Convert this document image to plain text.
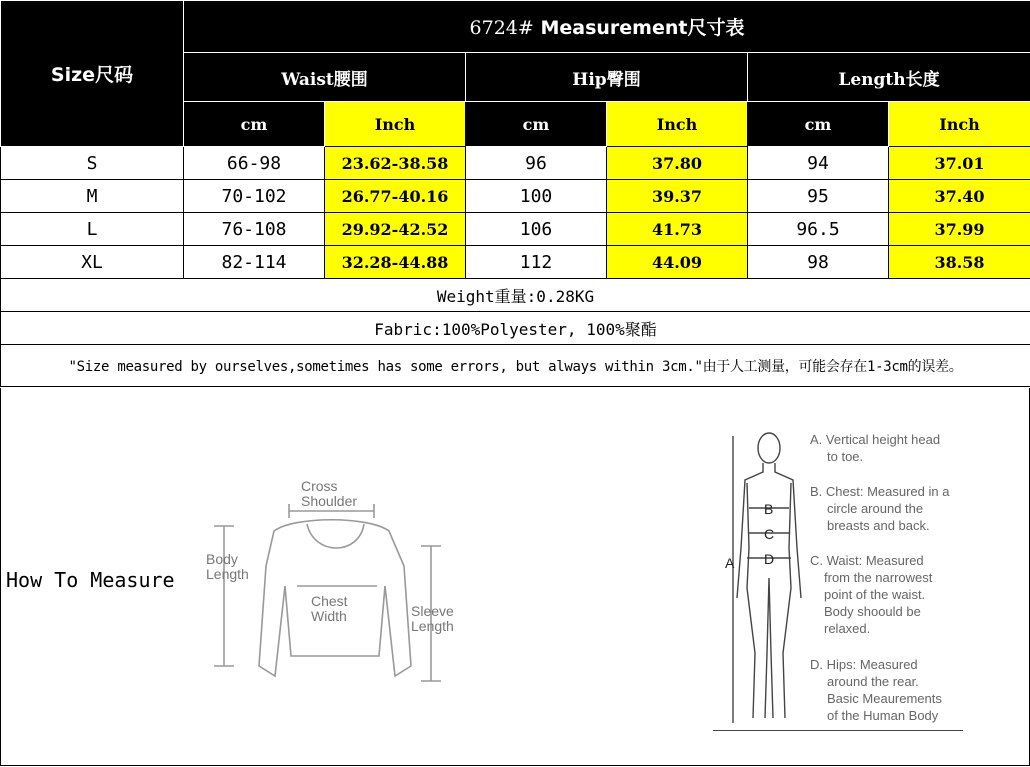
Size尺码	6724# Measurement尺寸表					
	Waist腰围		Hip臀围		Length长度	
	cm	Inch	cm	Inch	cm	Inch
S	66-98	23.62-38.58	96	37.80	94	37.01
M	70-102	26.77-40.16	100	39.37	95	37.40
L	76-108	29.92-42.52	106	41.73	96.5	37.99
XL	82-114	32.28-44.88	112	44.09	98	38.58
Weight重量:0.28KG						
Fabric:100%Polyester, 100%聚酯						
"Size measured by ourselves,sometimes has some errors, but always within 3cm."由于人工测量，可能会存在1-3cm的误差。						
How To Measure
Cross
Shoulder
Body
Length
Chest
Width	Sleeve
Length
A
B
C
D
A. Vertical height head
to toe.
B. Chest: Measured in a
circle around the
breasts and back.
C. Waist: Measured
from the narrowest
point of the waist.
Body shoould be
relaxed.
D. Hips: Measured
around the rear.
Basic Meaurements
of the Human Body
